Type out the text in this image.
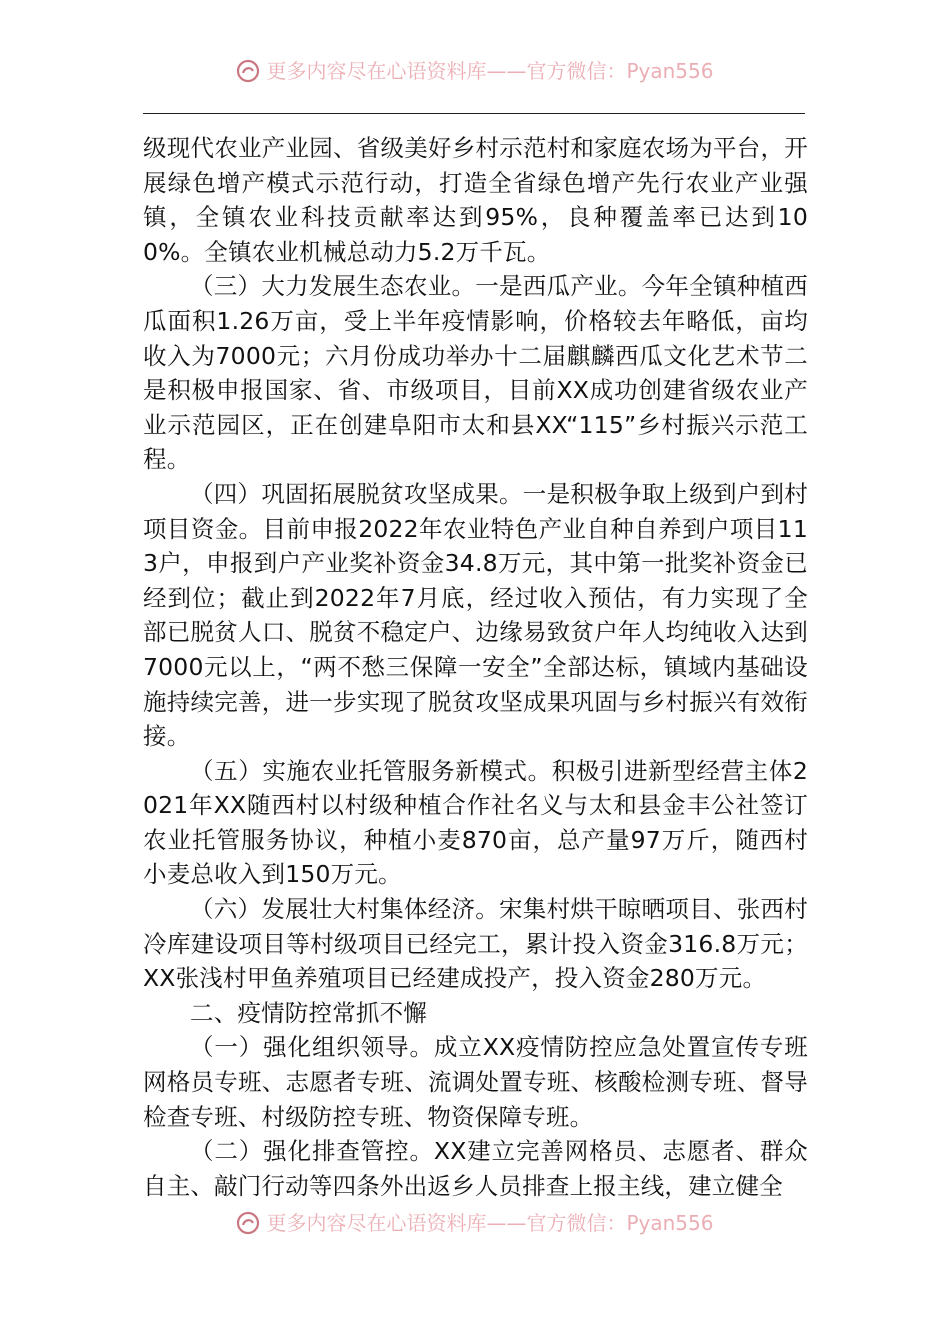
更多内容尽在心语资料库——官方微信：Pyan556

级现代农业产业园、省级美好乡村示范村和家庭农场为平台，开展绿色增产模式示范行动，打造全省绿色增产先行农业产业强镇，全镇农业科技贡献率达到95%，良种覆盖率已达到100%。全镇农业机械总动力5.2万千瓦。

（三）大力发展生态农业。一是西瓜产业。今年全镇种植西瓜面积1.26万亩，受上半年疫情影响，价格较去年略低，亩均收入为7000元；六月份成功举办十二届麒麟西瓜文化艺术节二是积极申报国家、省、市级项目，目前XX成功创建省级农业产业示范园区，正在创建阜阳市太和县XX“115”乡村振兴示范工程。

（四）巩固拓展脱贫攻坚成果。一是积极争取上级到户到村项目资金。目前申报2022年农业特色产业自种自养到户项目113户，申报到户产业奖补资金34.8万元，其中第一批奖补资金已经到位；截止到2022年7月底，经过收入预估，有力实现了全部已脱贫人口、脱贫不稳定户、边缘易致贫户年人均纯收入达到7000元以上，“两不愁三保障一安全”全部达标，镇域内基础设施持续完善，进一步实现了脱贫攻坚成果巩固与乡村振兴有效衔接。

（五）实施农业托管服务新模式。积极引进新型经营主体2021年XX随西村以村级种植合作社名义与太和县金丰公社签订农业托管服务协议，种植小麦870亩，总产量97万斤，随西村小麦总收入到150万元。

（六）发展壮大村集体经济。宋集村烘干晾晒项目、张西村冷库建设项目等村级项目已经完工，累计投入资金316.8万元；XX张浅村甲鱼养殖项目已经建成投产，投入资金280万元。

二、疫情防控常抓不懈

（一）强化组织领导。成立XX疫情防控应急处置宣传专班网格员专班、志愿者专班、流调处置专班、核酸检测专班、督导检查专班、村级防控专班、物资保障专班。

（二）强化排查管控。XX建立完善网格员、志愿者、群众自主、敲门行动等四条外出返乡人员排查上报主线，建立健全

更多内容尽在心语资料库——官方微信：Pyan556
